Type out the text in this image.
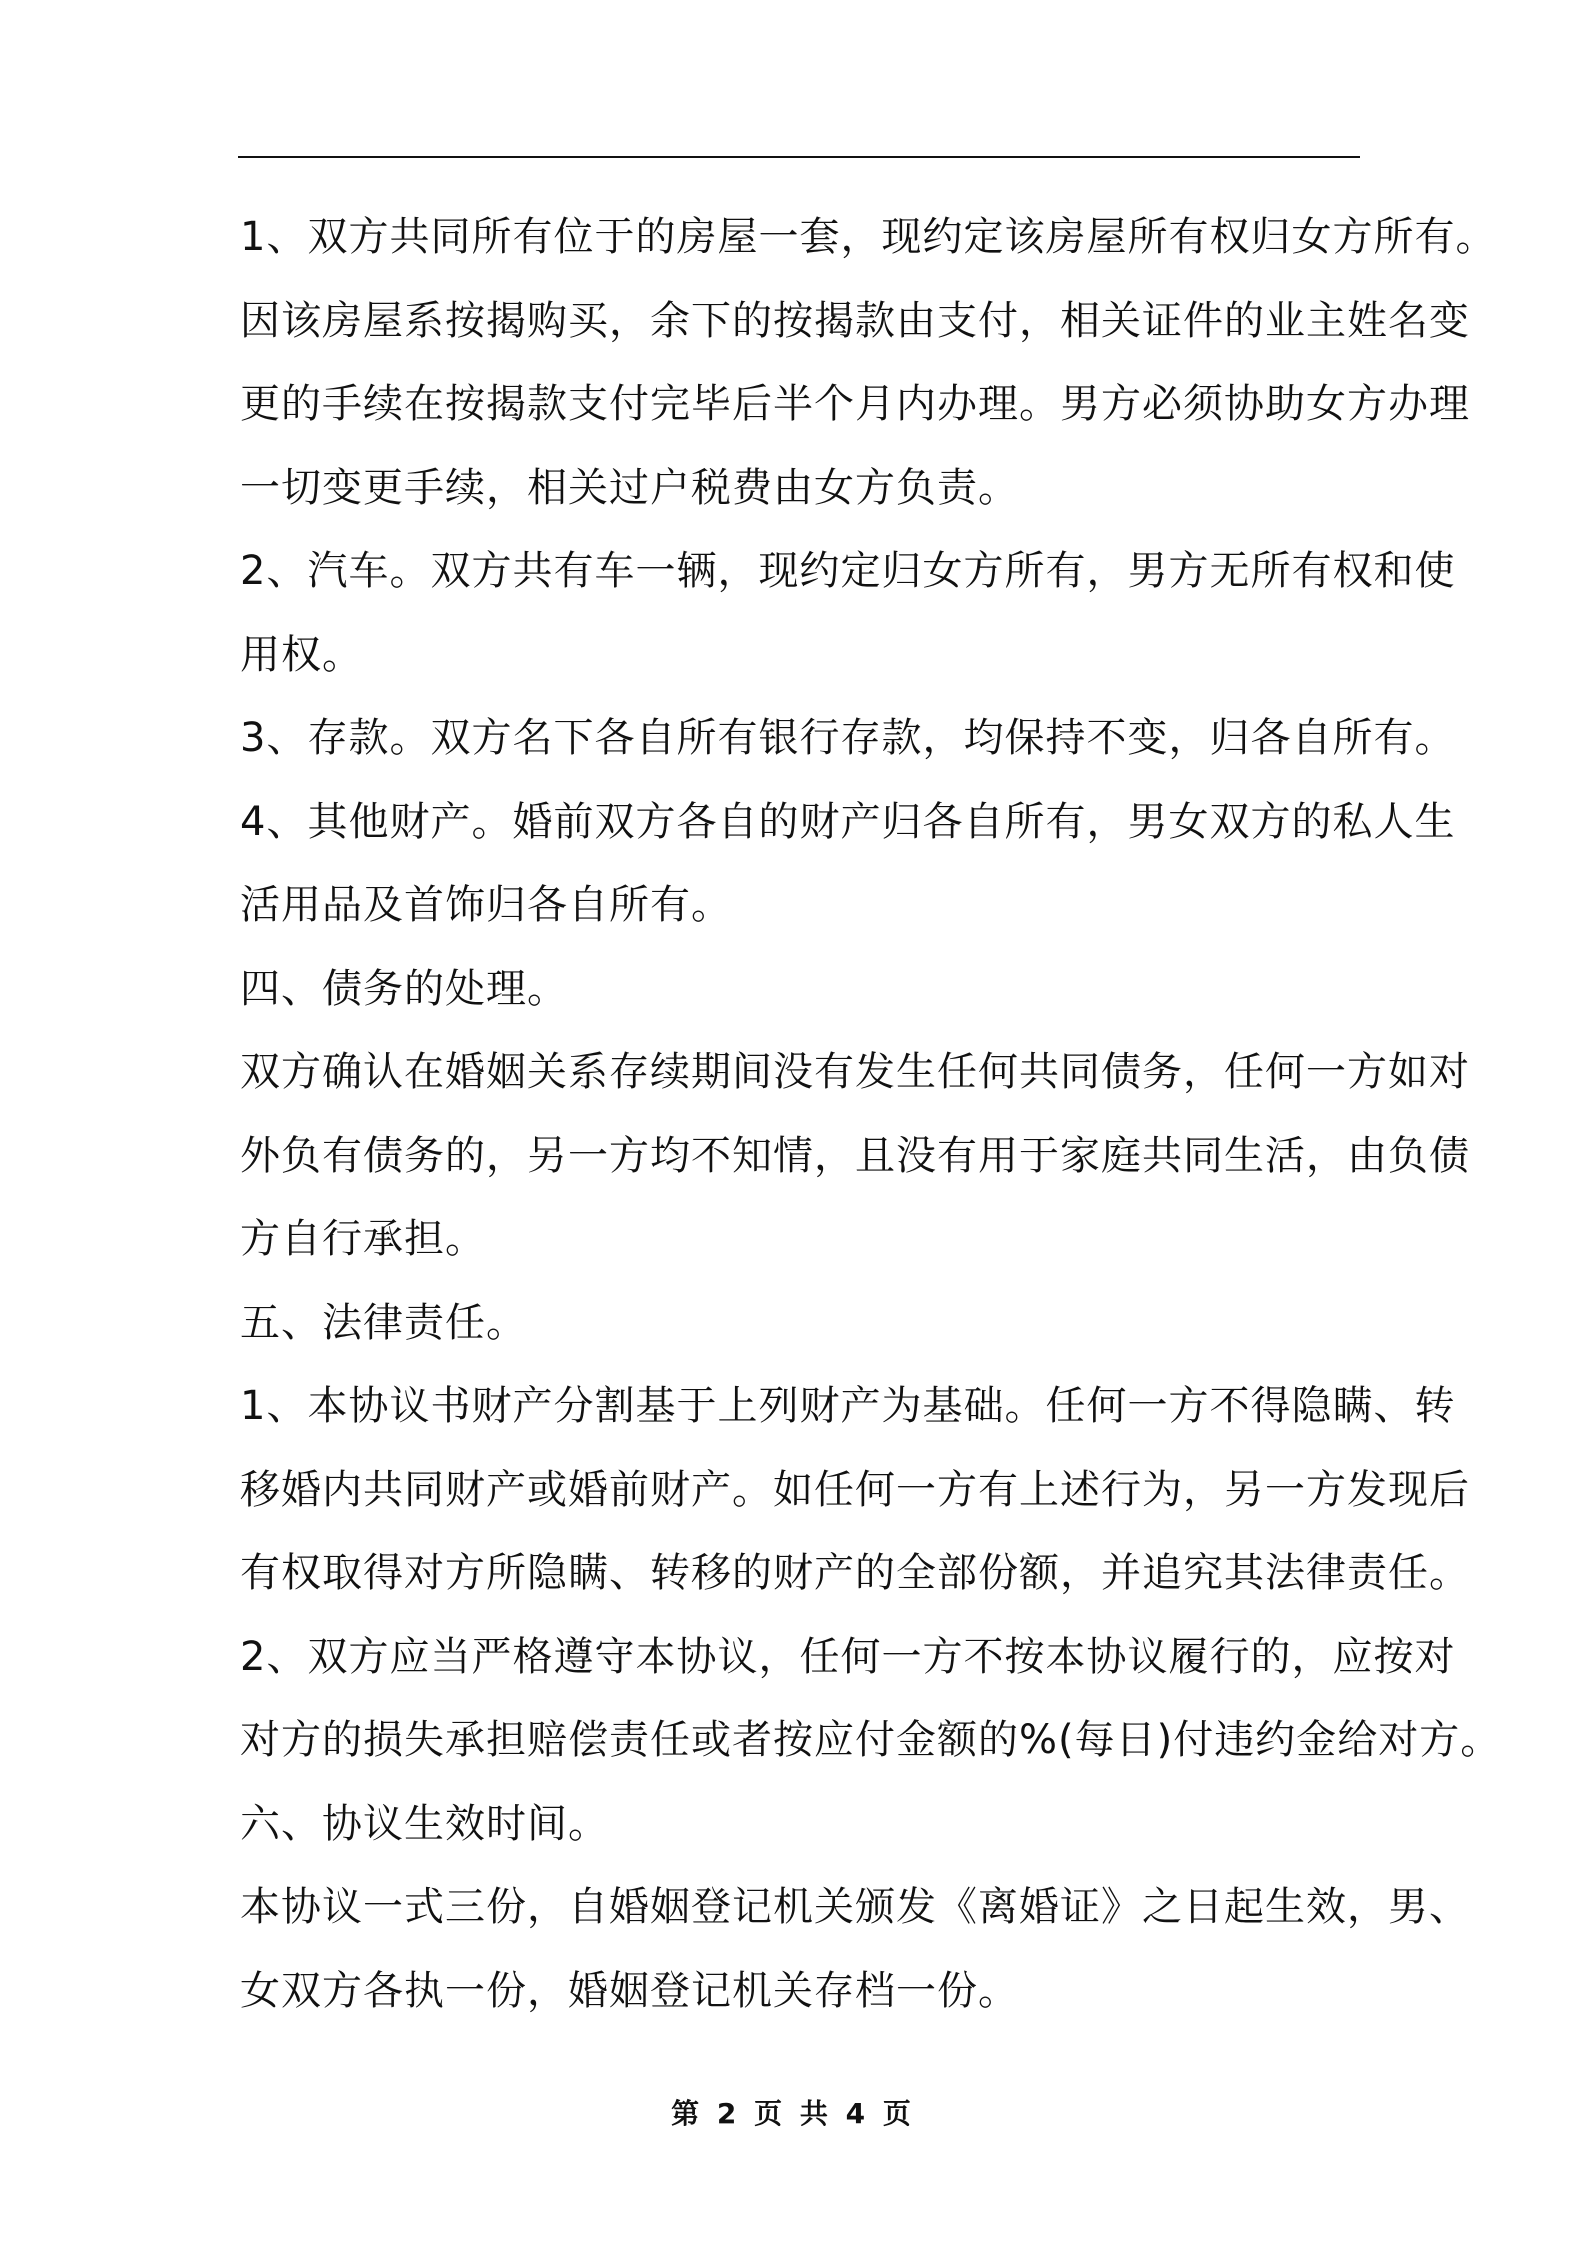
1、双方共同所有位于的房屋一套，现约定该房屋所有权归女方所有。
因该房屋系按揭购买，余下的按揭款由支付，相关证件的业主姓名变
更的手续在按揭款支付完毕后半个月内办理。男方必须协助女方办理
一切变更手续，相关过户税费由女方负责。
2、汽车。双方共有车一辆，现约定归女方所有，男方无所有权和使
用权。
3、存款。双方名下各自所有银行存款，均保持不变，归各自所有。
4、其他财产。婚前双方各自的财产归各自所有，男女双方的私人生
活用品及首饰归各自所有。
四、债务的处理。
双方确认在婚姻关系存续期间没有发生任何共同债务，任何一方如对
外负有债务的，另一方均不知情，且没有用于家庭共同生活，由负债
方自行承担。
五、法律责任。
1、本协议书财产分割基于上列财产为基础。任何一方不得隐瞒、转
移婚内共同财产或婚前财产。如任何一方有上述行为，另一方发现后
有权取得对方所隐瞒、转移的财产的全部份额，并追究其法律责任。
2、双方应当严格遵守本协议，任何一方不按本协议履行的，应按对
对方的损失承担赔偿责任或者按应付金额的%(每日)付违约金给对方。
六、协议生效时间。
本协议一式三份，自婚姻登记机关颁发《离婚证》之日起生效，男、
女双方各执一份，婚姻登记机关存档一份。
第 2 页 共 4 页
